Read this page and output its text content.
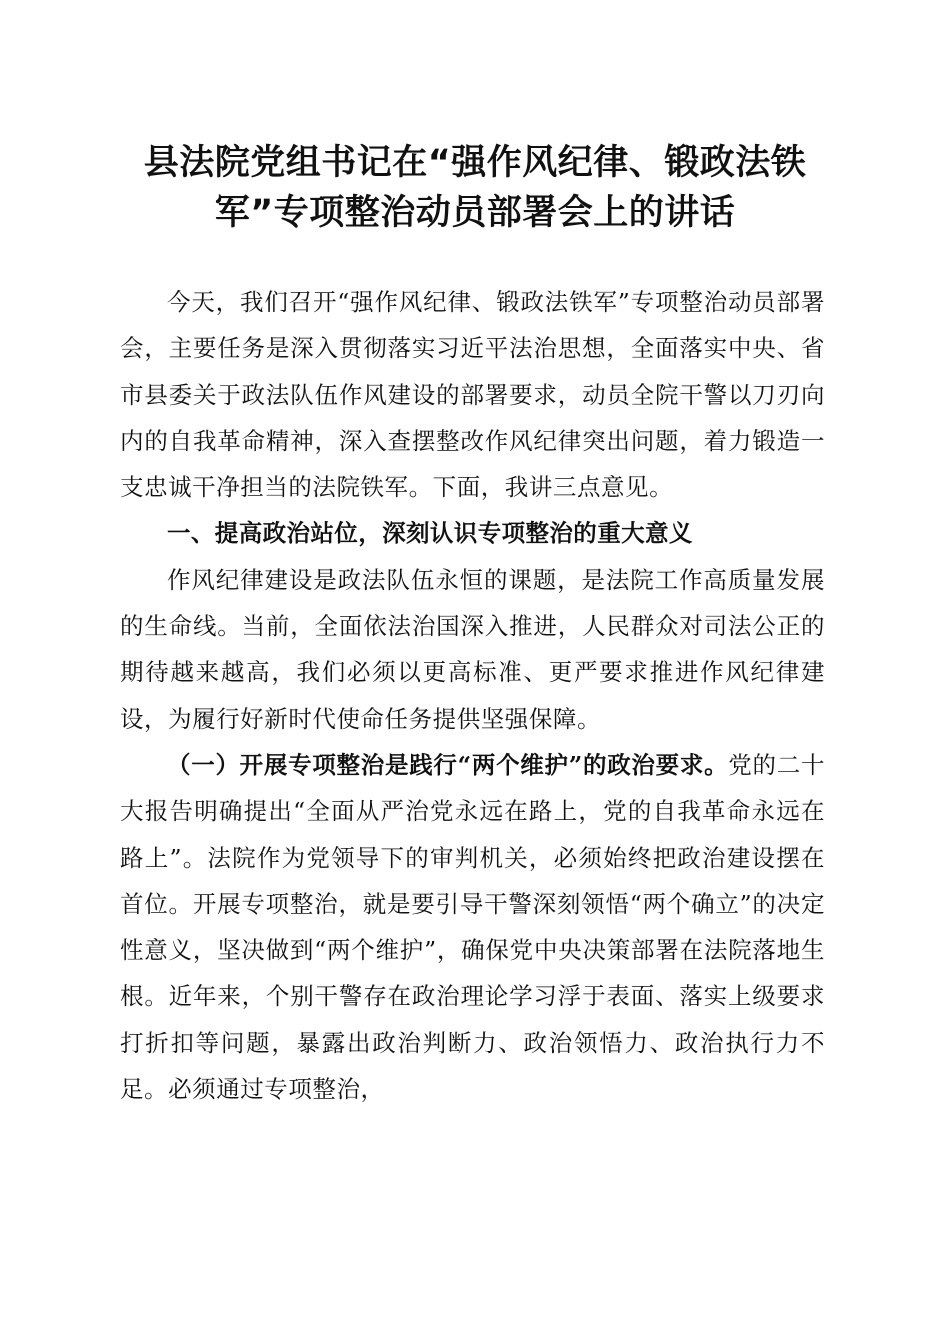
县法院党组书记在“强作风纪律、锻政法铁
军”专项整治动员部署会上的讲话

今天，我们召开“强作风纪律、锻政法铁军”专项整治动员部署会，主要任务是深入贯彻落实习近平法治思想，全面落实中央、省市县委关于政法队伍作风建设的部署要求，动员全院干警以刀刃向内的自我革命精神，深入查摆整改作风纪律突出问题，着力锻造一支忠诚干净担当的法院铁军。下面，我讲三点意见。

一、提高政治站位，深刻认识专项整治的重大意义

作风纪律建设是政法队伍永恒的课题，是法院工作高质量发展的生命线。当前，全面依法治国深入推进，人民群众对司法公正的期待越来越高，我们必须以更高标准、更严要求推进作风纪律建设，为履行好新时代使命任务提供坚强保障。

（一）开展专项整治是践行“两个维护”的政治要求。党的二十大报告明确提出“全面从严治党永远在路上，党的自我革命永远在路上”。法院作为党领导下的审判机关，必须始终把政治建设摆在首位。开展专项整治，就是要引导干警深刻领悟“两个确立”的决定性意义，坚决做到“两个维护”，确保党中央决策部署在法院落地生根。近年来，个别干警存在政治理论学习浮于表面、落实上级要求打折扣等问题，暴露出政治判断力、政治领悟力、政治执行力不足。必须通过专项整治，
